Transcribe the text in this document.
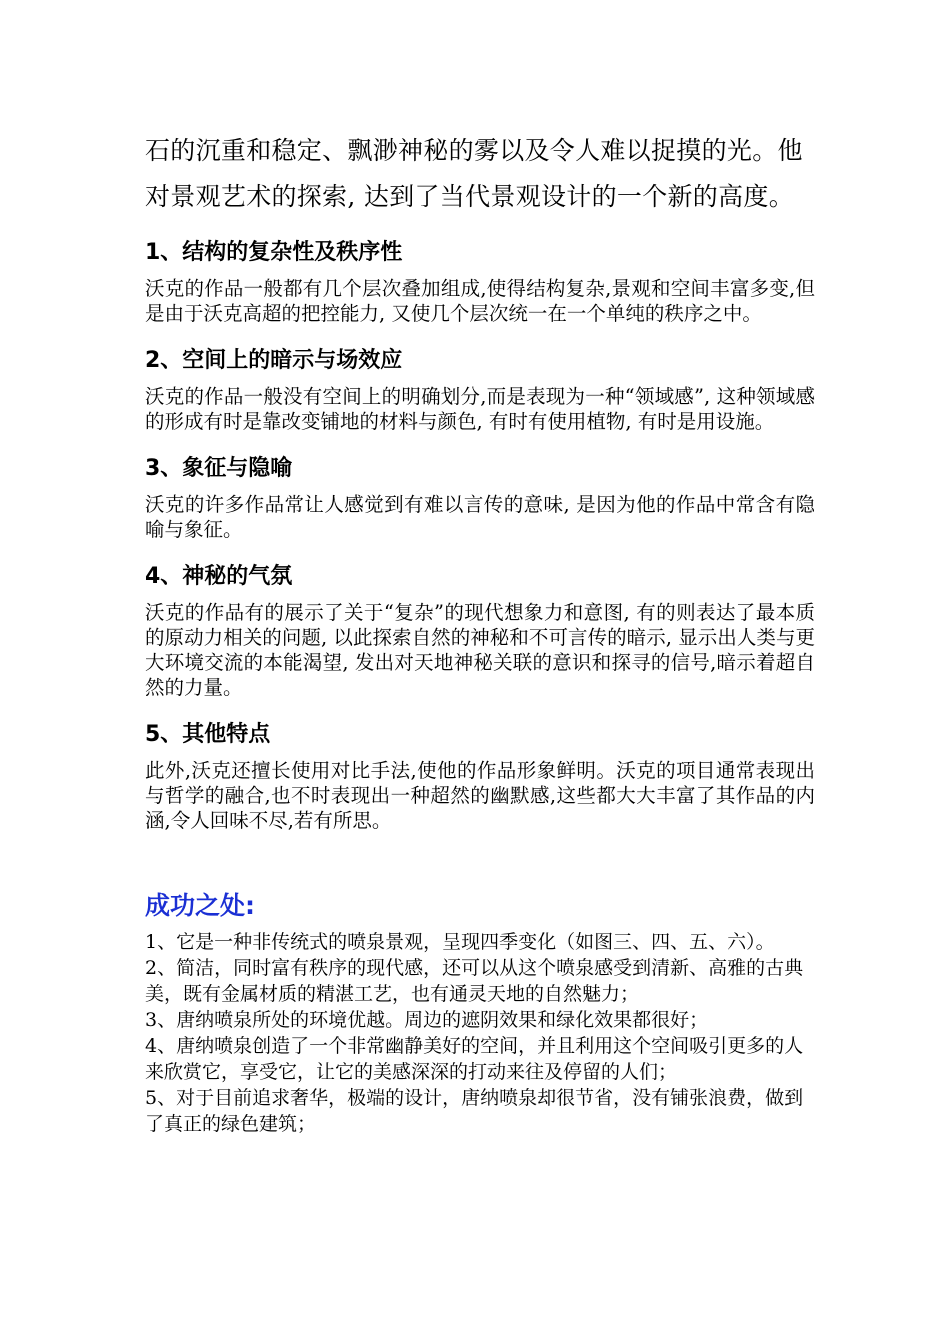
石的沉重和稳定、飘渺神秘的雾以及令人难以捉摸的光。他
对景观艺术的探索, 达到了当代景观设计的一个新的高度。

1、结构的复杂性及秩序性

沃克的作品一般都有几个层次叠加组成,使得结构复杂,景观和空间丰富多变,但是由于沃克高超的把控能力, 又使几个层次统一在一个单纯的秩序之中。

2、空间上的暗示与场效应

沃克的作品一般没有空间上的明确划分,而是表现为一种“领域感”, 这种领域感的形成有时是靠改变铺地的材料与颜色, 有时有使用植物, 有时是用设施。

3、象征与隐喻

沃克的许多作品常让人感觉到有难以言传的意味, 是因为他的作品中常含有隐喻与象征。

4、神秘的气氛

沃克的作品有的展示了关于“复杂”的现代想象力和意图, 有的则表达了最本质的原动力相关的问题, 以此探索自然的神秘和不可言传的暗示, 显示出人类与更大环境交流的本能渴望, 发出对天地神秘关联的意识和探寻的信号,暗示着超自然的力量。

5、其他特点

此外,沃克还擅长使用对比手法,使他的作品形象鲜明。沃克的项目通常表现出与哲学的融合,也不时表现出一种超然的幽默感,这些都大大丰富了其作品的内涵,令人回味不尽,若有所思。

成功之处:

1、它是一种非传统式的喷泉景观，呈现四季变化（如图三、四、五、六）。

2、简洁，同时富有秩序的现代感，还可以从这个喷泉感受到清新、高雅的古典美，既有金属材质的精湛工艺，也有通灵天地的自然魅力；

3、唐纳喷泉所处的环境优越。周边的遮阴效果和绿化效果都很好；

4、唐纳喷泉创造了一个非常幽静美好的空间，并且利用这个空间吸引更多的人来欣赏它，享受它，让它的美感深深的打动来往及停留的人们；

5、对于目前追求奢华，极端的设计，唐纳喷泉却很节省，没有铺张浪费，做到了真正的绿色建筑；
